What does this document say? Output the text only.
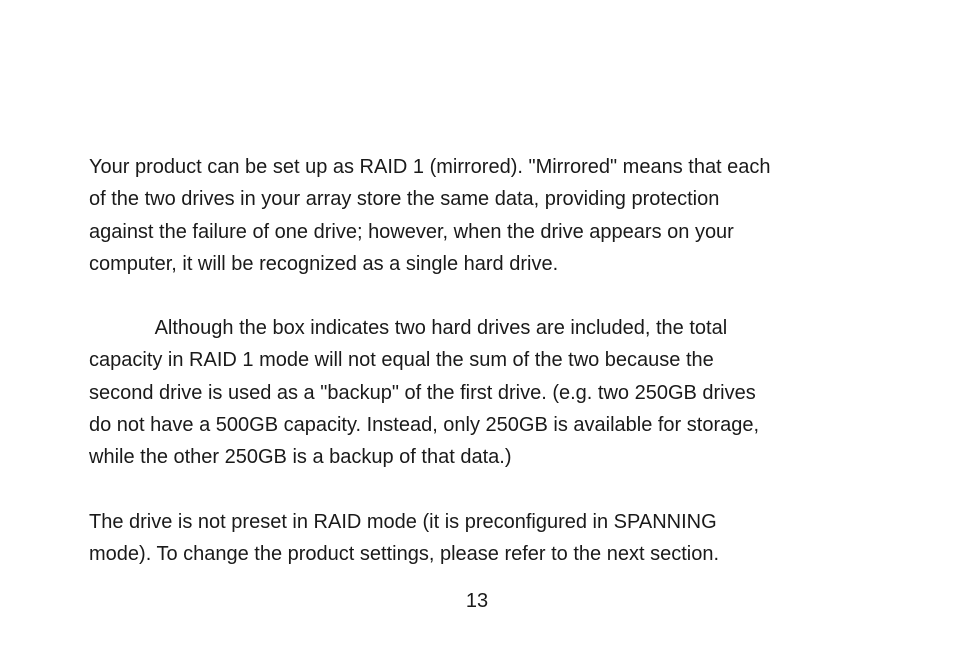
Your product can be set up as RAID 1 (mirrored). "Mirrored" means that each
of the two drives in your array store the same data, providing protection
against the failure of one drive; however, when the drive appears on your
computer, it will be recognized as a single hard drive.
Although the box indicates two hard drives are included, the total
capacity in RAID 1 mode will not equal the sum of the two because the
second drive is used as a "backup" of the first drive. (e.g. two 250GB drives
do not have a 500GB capacity. Instead, only 250GB is available for storage,
while the other 250GB is a backup of that data.)
The drive is not preset in RAID mode (it is preconfigured in SPANNING
mode). To change the product settings, please refer to the next section.
13
